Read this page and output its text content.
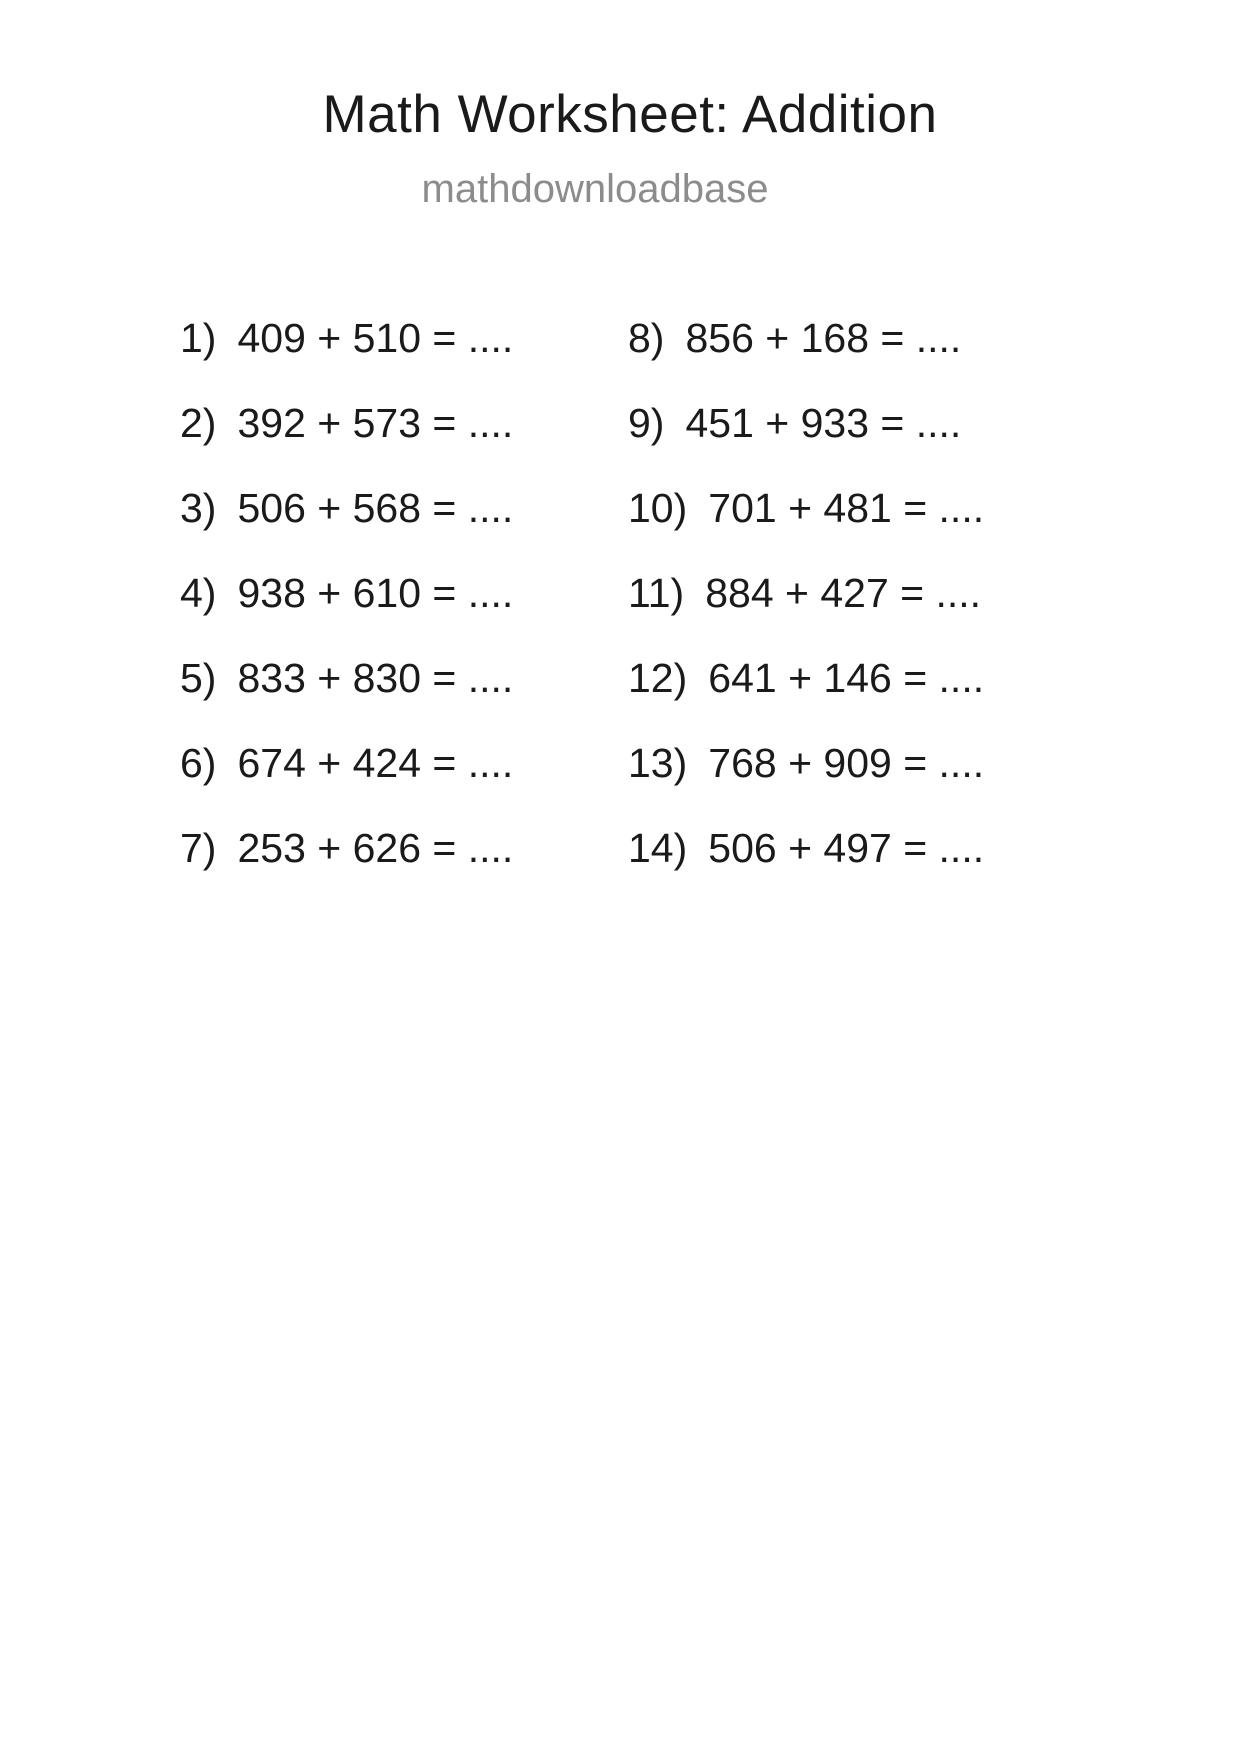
Math Worksheet: Addition
mathdownloadbase
1) 409 + 510 = ....
2) 392 + 573 = ....
3) 506 + 568 = ....
4) 938 + 610 = ....
5) 833 + 830 = ....
6) 674 + 424 = ....
7) 253 + 626 = ....
8) 856 + 168 = ....
9) 451 + 933 = ....
10) 701 + 481 = ....
11) 884 + 427 = ....
12) 641 + 146 = ....
13) 768 + 909 = ....
14) 506 + 497 = ....
